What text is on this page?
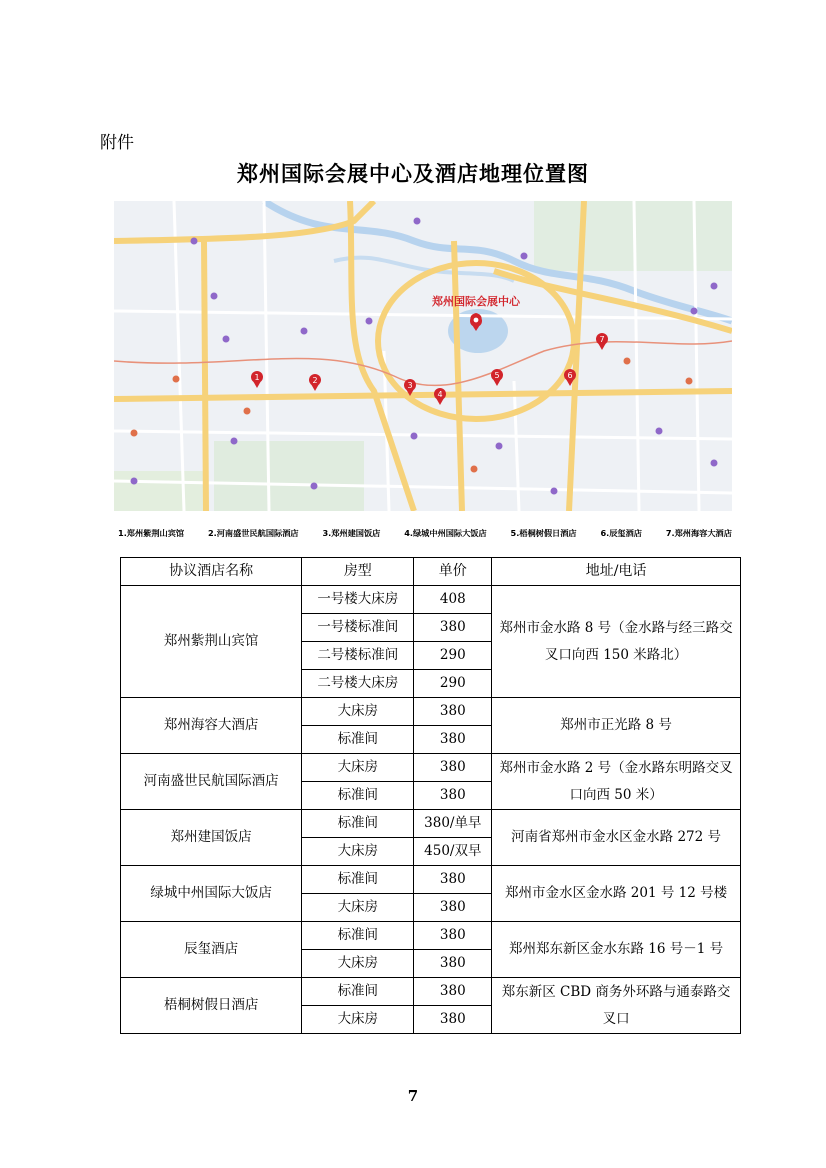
附件
郑州国际会展中心及酒店地理位置图
郑州国际会展中心
1	2
3
4
5	6
7
1.郑州紫荆山宾馆	2.河南盛世民航国际酒店	3.郑州建国饭店	4.绿城中州国际大饭店	5.梧桐树假日酒店	6.辰玺酒店	7.郑州海容大酒店
协议酒店名称	房型	单价	地址/电话
郑州紫荆山宾馆	一号楼大床房	408	郑州市金水路 8 号（金水路与经三路交叉口向西 150 米路北）
	一号楼标准间	380	
	二号楼标准间	290	
	二号楼大床房	290	
郑州海容大酒店	大床房	380	郑州市正光路 8 号
	标准间	380	
河南盛世民航国际酒店	大床房	380	郑州市金水路 2 号（金水路东明路交叉口向西 50 米）
	标准间	380	
郑州建国饭店	标准间	380/单早	河南省郑州市金水区金水路 272 号
	大床房	450/双早	
绿城中州国际大饭店	标准间	380	郑州市金水区金水路 201 号 12 号楼
	大床房	380	
辰玺酒店	标准间	380	郑州郑东新区金水东路 16 号－1 号
	大床房	380	
梧桐树假日酒店	标准间	380	郑东新区 CBD 商务外环路与通泰路交叉口
	大床房	380	
7
